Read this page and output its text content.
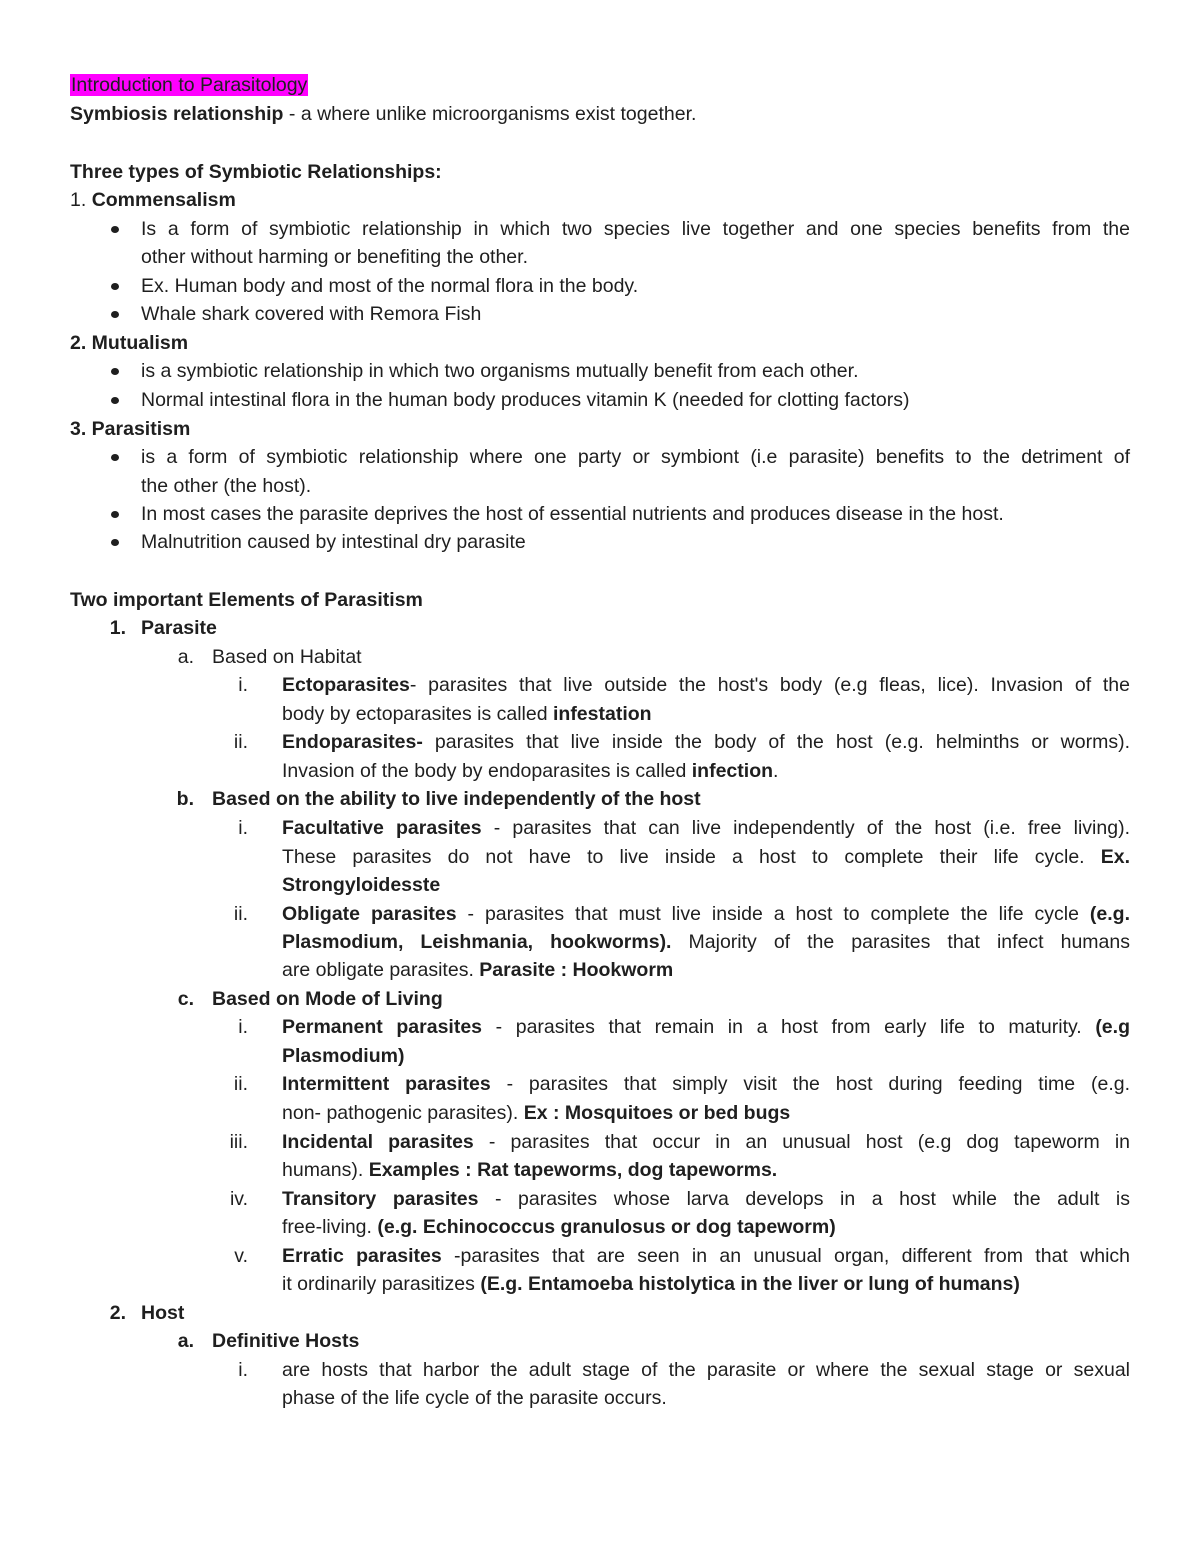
Introduction to Parasitology
Symbiosis relationship - a where unlike microorganisms exist together.
Three types of Symbiotic Relationships:
1. Commensalism
Is a form of symbiotic relationship in which two species live together and one species benefits from the
other without harming or benefiting the other.
Ex. Human body and most of the normal flora in the body.
Whale shark covered with Remora Fish
2. Mutualism
is a symbiotic relationship in which two organisms mutually benefit from each other.
Normal intestinal flora in the human body produces vitamin K (needed for clotting factors)
3. Parasitism
is a form of symbiotic relationship where one party or symbiont (i.e parasite) benefits to the detriment of
the other (the host).
In most cases the parasite deprives the host of essential nutrients and produces disease in the host.
Malnutrition caused by intestinal dry parasite
Two important Elements of Parasitism
1. Parasite
a. Based on Habitat
i. Ectoparasites- parasites that live outside the host's body (e.g fleas, lice). Invasion of the
body by ectoparasites is called infestation
ii. Endoparasites- parasites that live inside the body of the host (e.g. helminths or worms).
Invasion of the body by endoparasites is called infection.
b. Based on the ability to live independently of the host
i. Facultative parasites - parasites that can live independently of the host (i.e. free living).
These parasites do not have to live inside a host to complete their life cycle. Ex.
Strongyloidesste
ii. Obligate parasites - parasites that must live inside a host to complete the life cycle (e.g.
Plasmodium, Leishmania, hookworms). Majority of the parasites that infect humans
are obligate parasites. Parasite : Hookworm
c. Based on Mode of Living
i. Permanent parasites - parasites that remain in a host from early life to maturity. (e.g
Plasmodium)
ii. Intermittent parasites - parasites that simply visit the host during feeding time (e.g.
non- pathogenic parasites). Ex : Mosquitoes or bed bugs
iii. Incidental parasites - parasites that occur in an unusual host (e.g dog tapeworm in
humans). Examples : Rat tapeworms, dog tapeworms.
iv. Transitory parasites - parasites whose larva develops in a host while the adult is
free-living. (e.g. Echinococcus granulosus or dog tapeworm)
v. Erratic parasites -parasites that are seen in an unusual organ, different from that which
it ordinarily parasitizes (E.g. Entamoeba histolytica in the liver or lung of humans)
2. Host
a. Definitive Hosts
i. are hosts that harbor the adult stage of the parasite or where the sexual stage or sexual
phase of the life cycle of the parasite occurs.
